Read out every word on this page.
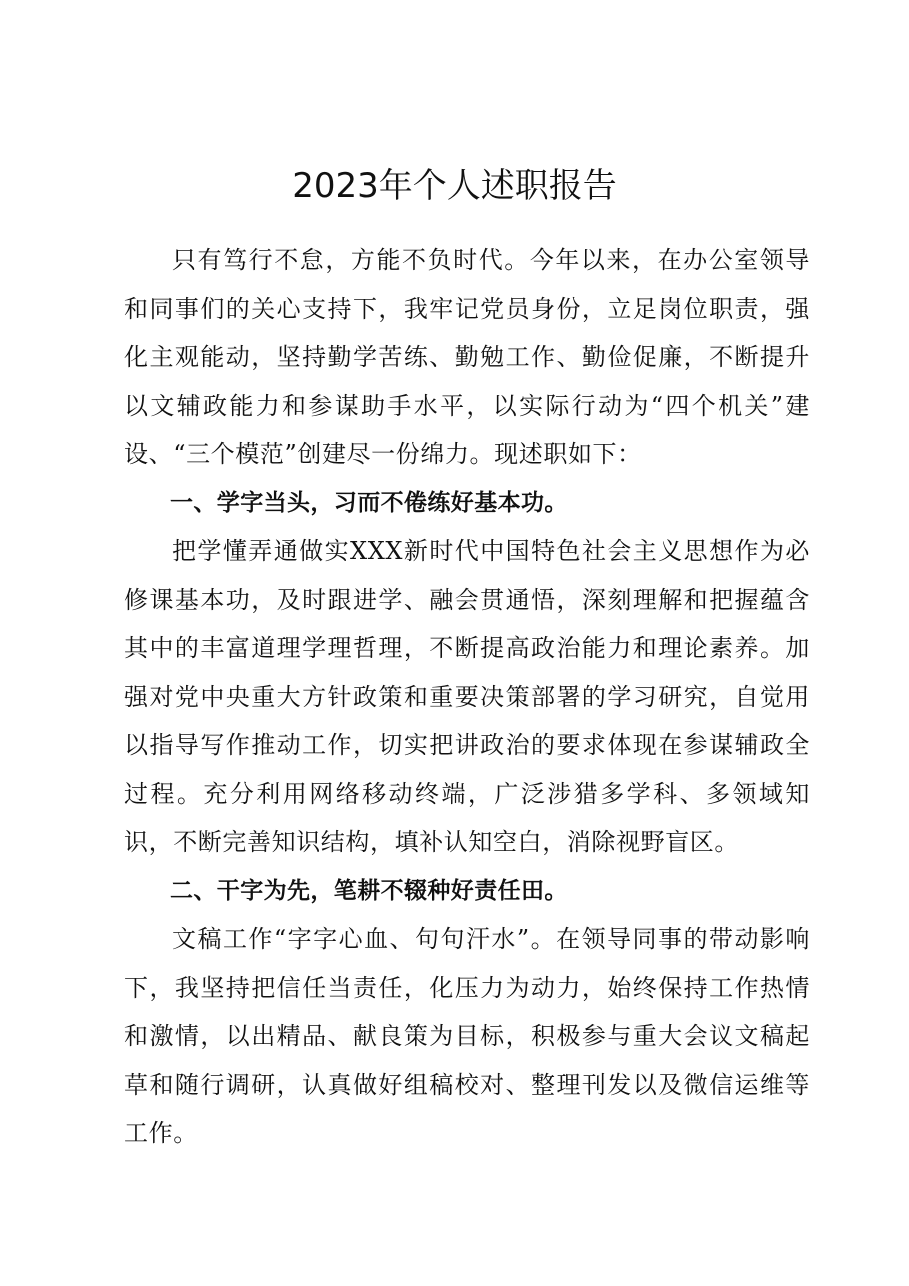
2023年个人述职报告

只有笃行不怠，方能不负时代。今年以来，在办公室领导和同事们的关心支持下，我牢记党员身份，立足岗位职责，强化主观能动，坚持勤学苦练、勤勉工作、勤俭促廉，不断提升以文辅政能力和参谋助手水平，以实际行动为“四个机关”建设、“三个模范”创建尽一份绵力。现述职如下：

一、学字当头，习而不倦练好基本功。

把学懂弄通做实XXX新时代中国特色社会主义思想作为必修课基本功，及时跟进学、融会贯通悟，深刻理解和把握蕴含其中的丰富道理学理哲理，不断提高政治能力和理论素养。加强对党中央重大方针政策和重要决策部署的学习研究，自觉用以指导写作推动工作，切实把讲政治的要求体现在参谋辅政全过程。充分利用网络移动终端，广泛涉猎多学科、多领域知识，不断完善知识结构，填补认知空白，消除视野盲区。

二、干字为先，笔耕不辍种好责任田。

文稿工作“字字心血、句句汗水”。在领导同事的带动影响下，我坚持把信任当责任，化压力为动力，始终保持工作热情和激情，以出精品、献良策为目标，积极参与重大会议文稿起草和随行调研，认真做好组稿校对、整理刊发以及微信运维等工作。
